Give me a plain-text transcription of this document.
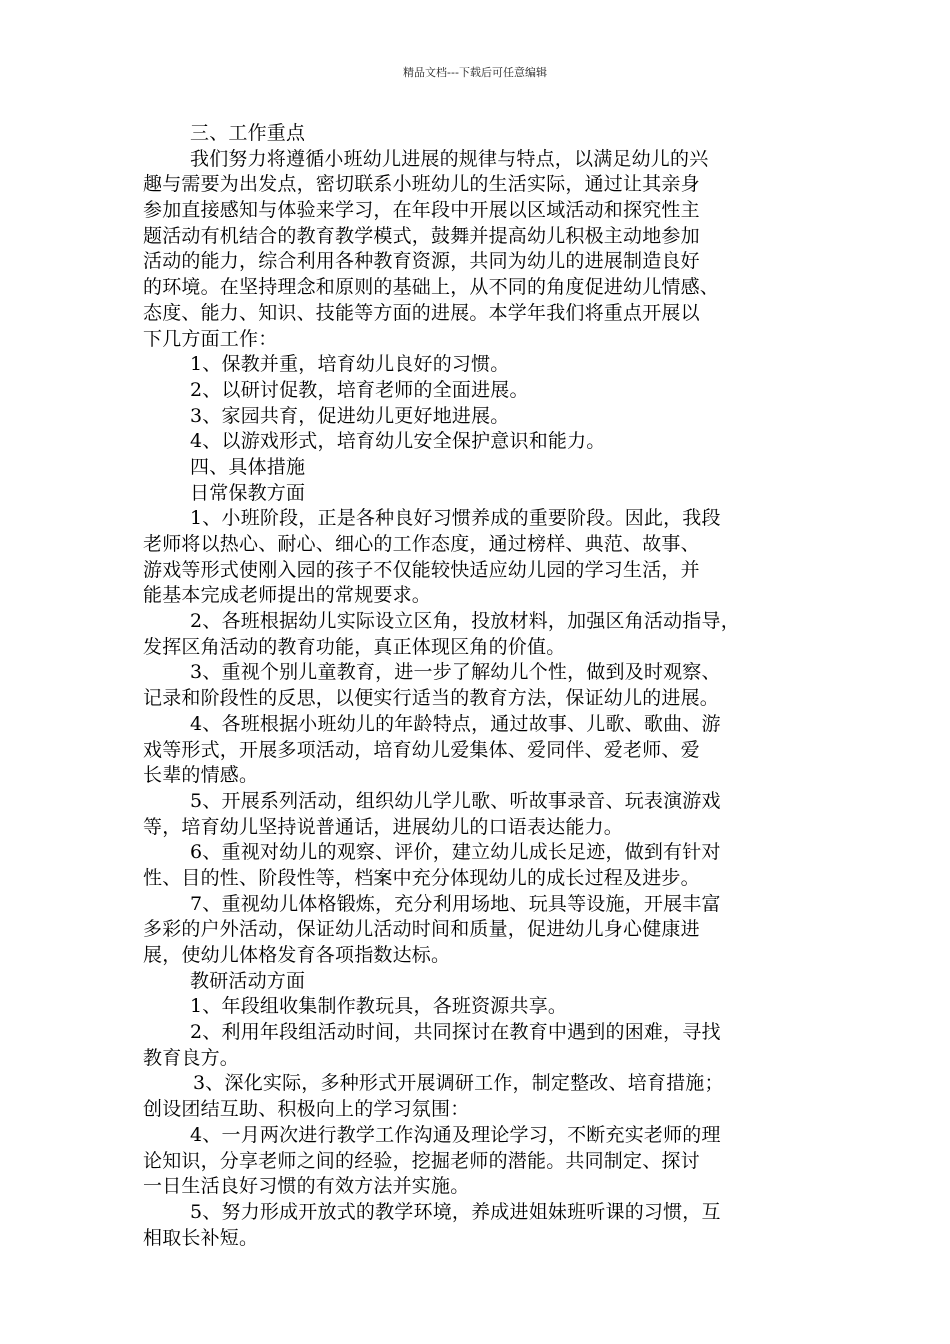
精品文档---下载后可任意编辑
三、工作重点
我们努力将遵循小班幼儿进展的规律与特点，以满足幼儿的兴
趣与需要为出发点，密切联系小班幼儿的生活实际，通过让其亲身
参加直接感知与体验来学习，在年段中开展以区域活动和探究性主
题活动有机结合的教育教学模式，鼓舞并提高幼儿积极主动地参加
活动的能力，综合利用各种教育资源，共同为幼儿的进展制造良好
的环境。在坚持理念和原则的基础上，从不同的角度促进幼儿情感、
态度、能力、知识、技能等方面的进展。本学年我们将重点开展以
下几方面工作：
1、保教并重，培育幼儿良好的习惯。
2、以研讨促教，培育老师的全面进展。
3、家园共育，促进幼儿更好地进展。
4、以游戏形式，培育幼儿安全保护意识和能力。
四、具体措施
日常保教方面
1、小班阶段，正是各种良好习惯养成的重要阶段。因此，我段
老师将以热心、耐心、细心的工作态度，通过榜样、典范、故事、
游戏等形式使刚入园的孩子不仅能较快适应幼儿园的学习生活，并
能基本完成老师提出的常规要求。
2、各班根据幼儿实际设立区角，投放材料，加强区角活动指导，
发挥区角活动的教育功能，真正体现区角的价值。
3、重视个别儿童教育，进一步了解幼儿个性，做到及时观察、
记录和阶段性的反思，以便实行适当的教育方法，保证幼儿的进展。
4、各班根据小班幼儿的年龄特点，通过故事、儿歌、歌曲、游
戏等形式，开展多项活动，培育幼儿爱集体、爱同伴、爱老师、爱
长辈的情感。
5、开展系列活动，组织幼儿学儿歌、听故事录音、玩表演游戏
等，培育幼儿坚持说普通话，进展幼儿的口语表达能力。
6、重视对幼儿的观察、评价，建立幼儿成长足迹，做到有针对
性、目的性、阶段性等，档案中充分体现幼儿的成长过程及进步。
7、重视幼儿体格锻炼，充分利用场地、玩具等设施，开展丰富
多彩的户外活动，保证幼儿活动时间和质量，促进幼儿身心健康进
展，使幼儿体格发育各项指数达标。
教研活动方面
1、年段组收集制作教玩具，各班资源共享。
2、利用年段组活动时间，共同探讨在教育中遇到的困难，寻找
教育良方。
3、深化实际，多种形式开展调研工作，制定整改、培育措施；
创设团结互助、积极向上的学习氛围：
4、一月两次进行教学工作沟通及理论学习，不断充实老师的理
论知识，分享老师之间的经验，挖掘老师的潜能。共同制定、探讨
一日生活良好习惯的有效方法并实施。
5、努力形成开放式的教学环境，养成进姐妹班听课的习惯，互
相取长补短。
